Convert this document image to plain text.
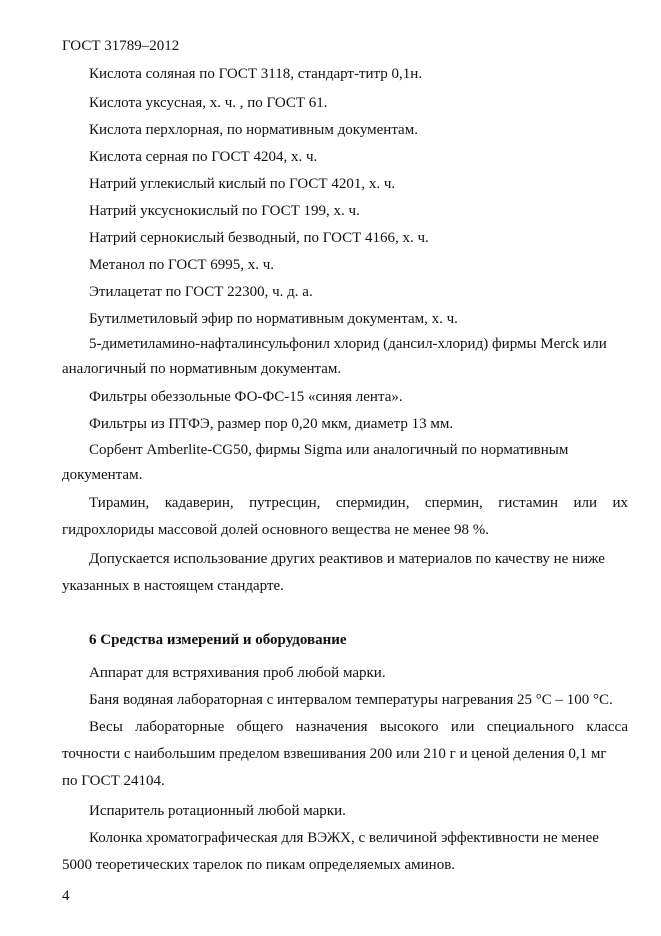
ГОСТ 31789–2012
Кислота соляная по ГОСТ 3118, стандарт-титр 0,1н.
Кислота уксусная, х. ч. , по ГОСТ 61.
Кислота перхлорная, по нормативным документам.
Кислота серная по ГОСТ 4204, х. ч.
Натрий углекислый кислый по ГОСТ 4201, х. ч.
Натрий уксуснокислый по ГОСТ 199, х. ч.
Натрий сернокислый безводный, по ГОСТ 4166, х. ч.
Метанол по ГОСТ 6995, х. ч.
Этилацетат по ГОСТ 22300, ч. д. а.
Бутилметиловый эфир по нормативным документам, х. ч.
5-диметиламино-нафталинсульфонил хлорид (дансил-хлорид) фирмы Merck или
аналогичный по нормативным документам.
Фильтры обеззольные ФО-ФС-15 «синяя лента».
Фильтры из ПТФЭ, размер пор 0,20 мкм, диаметр 13 мм.
Сорбент Amberlite-CG50, фирмы Sigma или аналогичный по нормативным
документам.
Тирамин, кадаверин, путресцин, спермидин, спермин, гистамин или их
гидрохлориды массовой долей основного вещества не менее 98 %.
Допускается использование других реактивов и материалов по качеству не ниже
указанных в настоящем стандарте.
6 Средства измерений и оборудование
Аппарат для встряхивания проб любой марки.
Баня водяная лабораторная с интервалом температуры нагревания 25 °С – 100 °С.
Весы лабораторные общего назначения высокого или специального класса
точности с наибольшим пределом взвешивания 200 или 210 г и ценой деления 0,1 мг
по ГОСТ 24104.
Испаритель ротационный любой марки.
Колонка хроматографическая для ВЭЖХ, с величиной эффективности не менее
5000 теоретических тарелок по пикам определяемых аминов.
4
